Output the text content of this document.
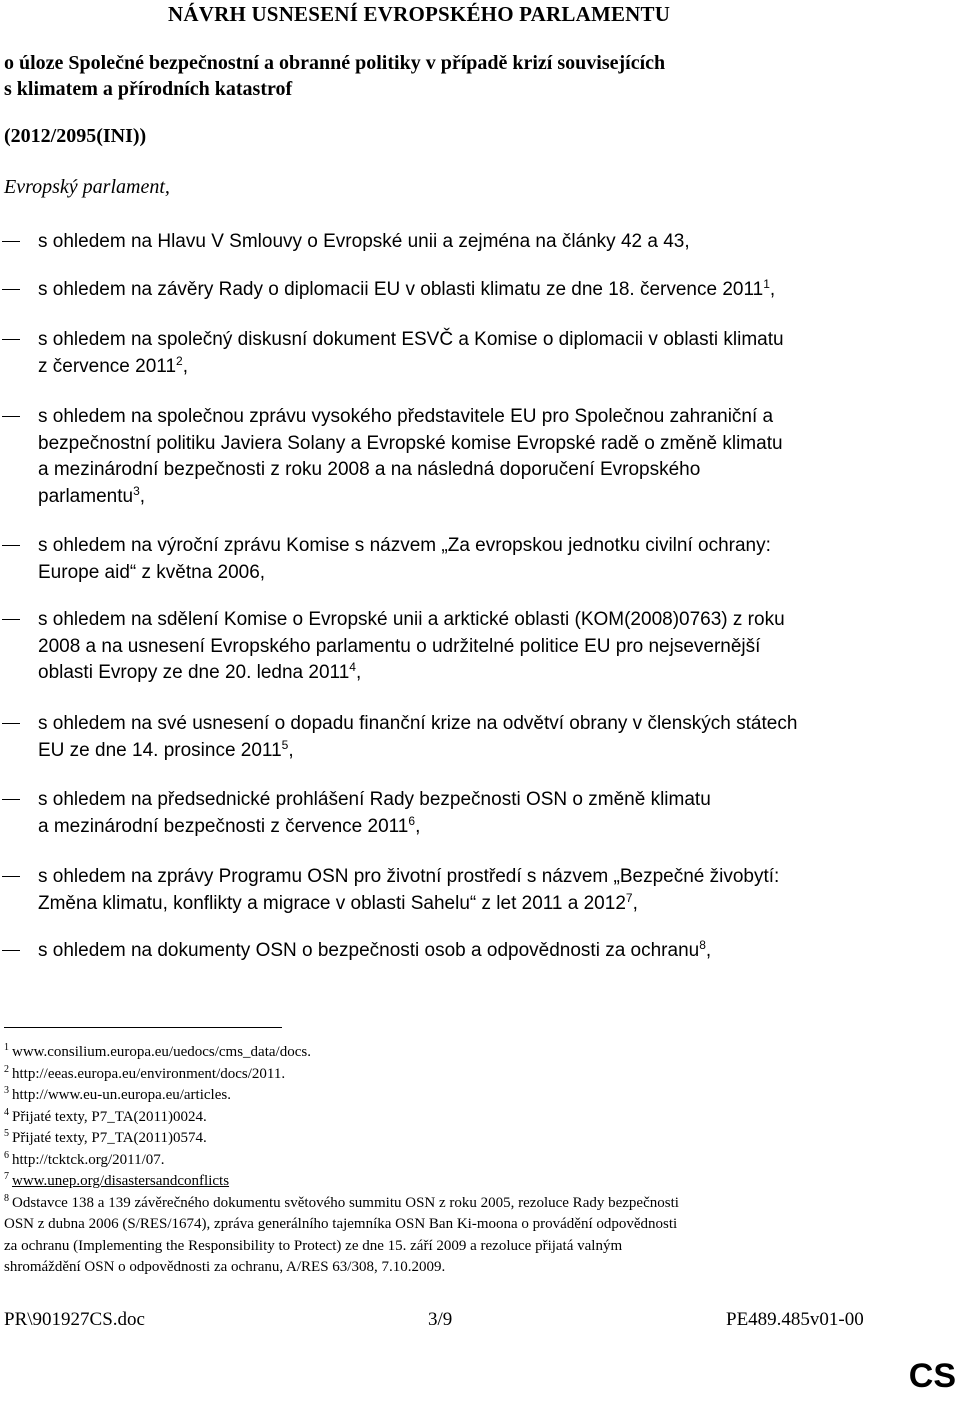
NÁVRH USNESENÍ EVROPSKÉHO PARLAMENTU
o úloze Společné bezpečnostní a obranné politiky v případě krizí souvisejících
s klimatem a přírodních katastrof
(2012/2095(INI))
Evropský parlament,
s ohledem na Hlavu V Smlouvy o Evropské unii a zejména na články 42 a 43,
s ohledem na závěry Rady o diplomacii EU v oblasti klimatu ze dne 18. července 2011$^1$,
s ohledem na společný diskusní dokument ESVČ a Komise o diplomacii v oblasti klimatu
z července 2011$^2$,
s ohledem na společnou zprávu vysokého představitele EU pro Společnou zahraniční a
bezpečnostní politiku Javiera Solany a Evropské komise Evropské radě o změně klimatu
a mezinárodní bezpečnosti z roku 2008 a na následná doporučení Evropského
parlamentu$^3$,
s ohledem na výroční zprávu Komise s názvem „Za evropskou jednotku civilní ochrany:
Europe aid“ z května 2006,
s ohledem na sdělení Komise o Evropské unii a arktické oblasti (KOM(2008)0763) z roku
2008 a na usnesení Evropského parlamentu o udržitelné politice EU pro nejsevernější
oblasti Evropy ze dne 20. ledna 2011$^4$,
s ohledem na své usnesení o dopadu finanční krize na odvětví obrany v členských státech
EU ze dne 14. prosince 2011$^5$,
s ohledem na předsednické prohlášení Rady bezpečnosti OSN o změně klimatu
a mezinárodní bezpečnosti z července 2011$^6$,
s ohledem na zprávy Programu OSN pro životní prostředí s názvem „Bezpečné živobytí:
Změna klimatu, konflikty a migrace v oblasti Sahelu“ z let 2011 a 2012$^7$,
s ohledem na dokumenty OSN o bezpečnosti osob a odpovědnosti za ochranu$^8$,
$^1$ www.consilium.europa.eu/uedocs/cms_data/docs.
$^2$ http://eeas.europa.eu/environment/docs/2011.
$^3$ http://www.eu-un.europa.eu/articles.
$^4$ Přijaté texty, P7_TA(2011)0024.
$^5$ Přijaté texty, P7_TA(2011)0574.
$^6$ http://tcktck.org/2011/07.
$^7$ www.unep.org/disastersandconflicts
$^8$ Odstavce 138 a 139 závěrečného dokumentu světového summitu OSN z roku 2005, rezoluce Rady bezpečnosti
OSN z dubna 2006 (S/RES/1674), zpráva generálního tajemníka OSN Ban Ki-moona o provádění odpovědnosti
za ochranu (Implementing the Responsibility to Protect) ze dne 15. září 2009 a rezoluce přijatá valným
shromáždění OSN o odpovědnosti za ochranu, A/RES 63/308, 7.10.2009.
PR\901927CS.doc	3/9	PE489.485v01-00
CS
